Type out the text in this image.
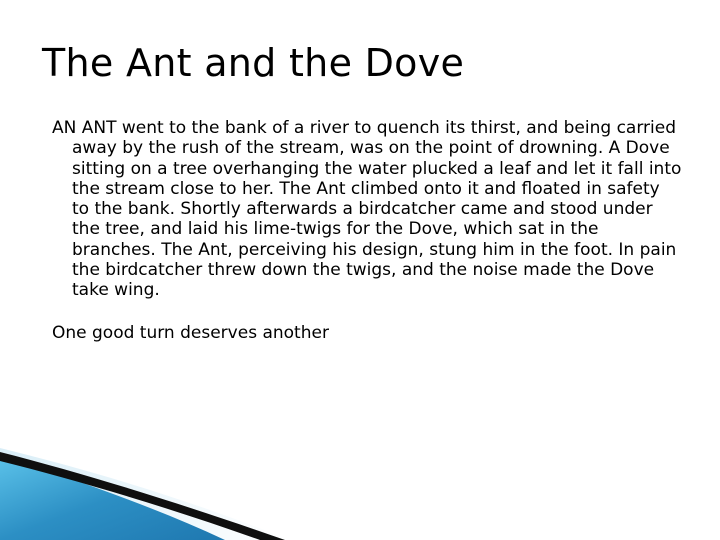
The Ant and the Dove

AN ANT went to the bank of a river to quench its thirst, and being carried away by the rush of the stream, was on the point of drowning. A Dove sitting on a tree overhanging the water plucked a leaf and let it fall into the stream close to her. The Ant climbed onto it and floated in safety to the bank. Shortly afterwards a birdcatcher came and stood under the tree, and laid his lime-twigs for the Dove, which sat in the branches. The Ant, perceiving his design, stung him in the foot. In pain the birdcatcher threw down the twigs, and the noise made the Dove take wing.

One good turn deserves another
